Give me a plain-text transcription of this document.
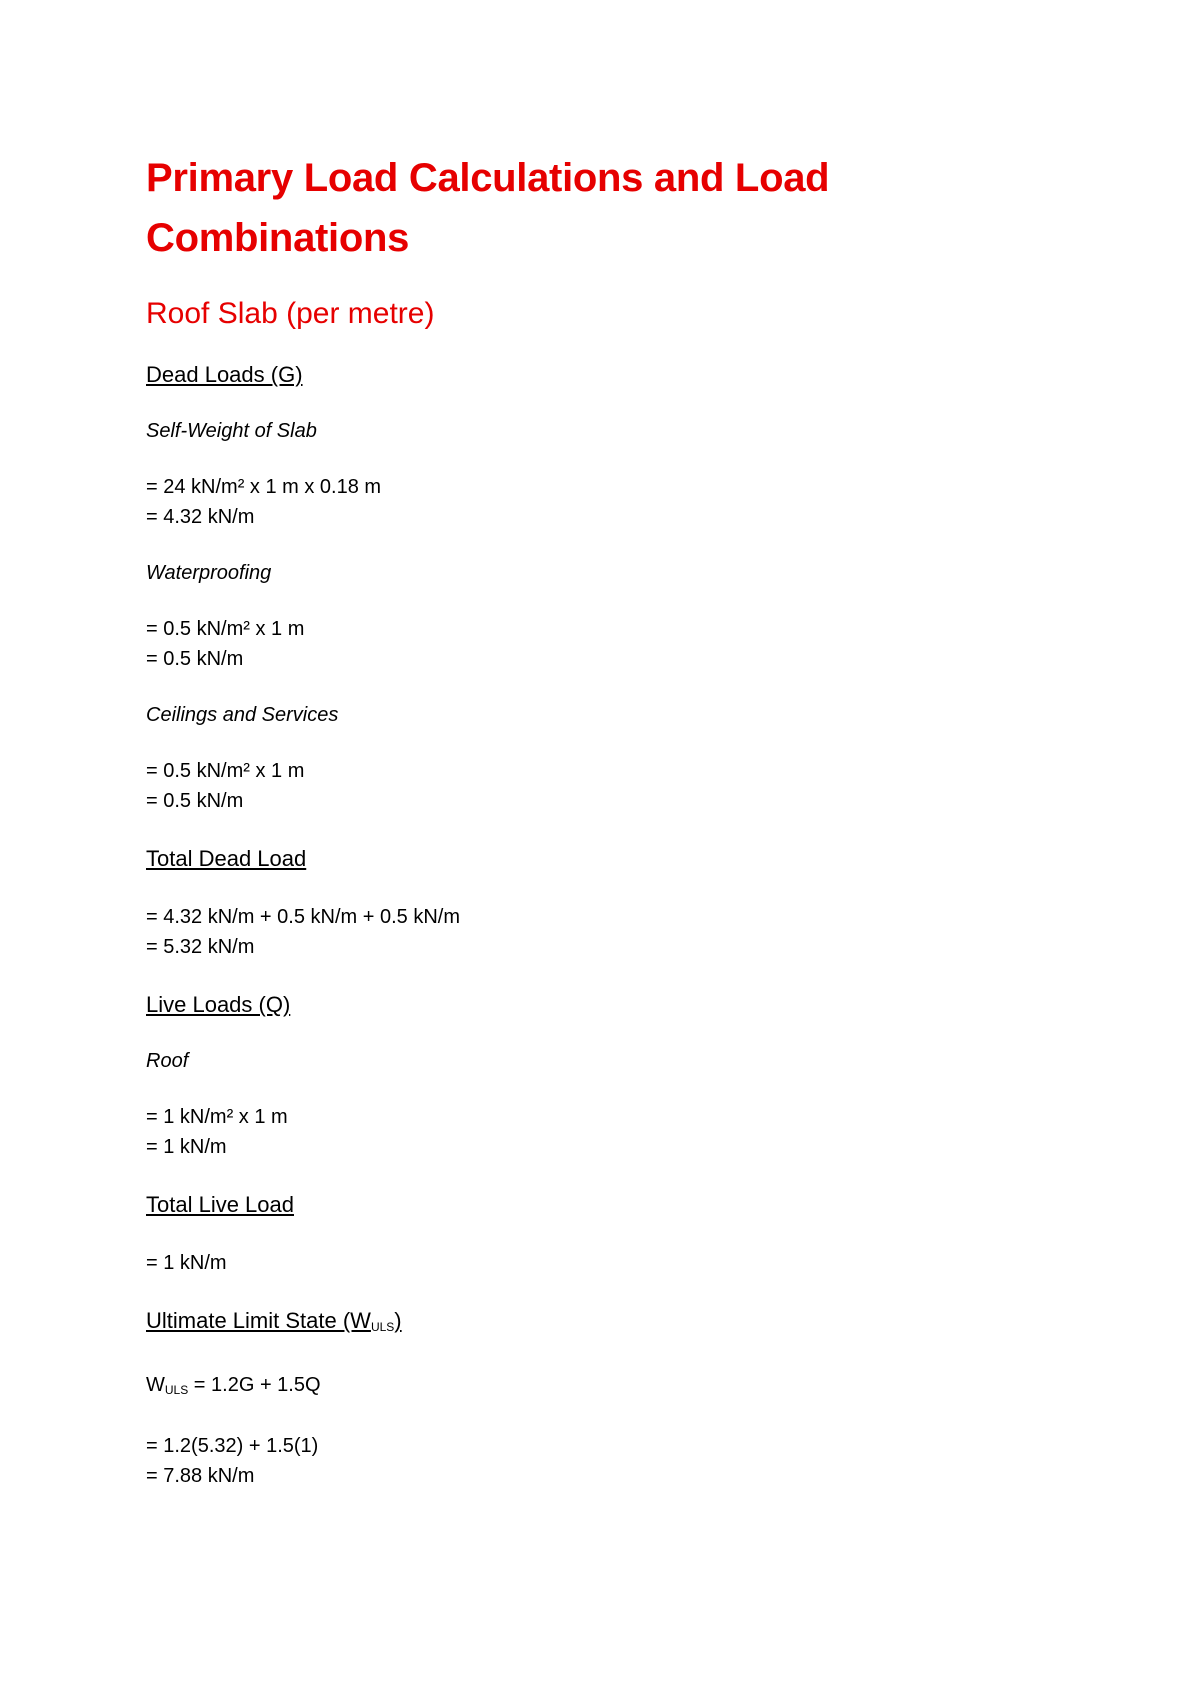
Primary Load Calculations and Load
Combinations
Roof Slab (per metre)
Dead Loads (G)
Self-Weight of Slab
= 24 kN/m² x 1 m x 0.18 m
= 4.32 kN/m
Waterproofing
= 0.5 kN/m² x 1 m
= 0.5 kN/m
Ceilings and Services
= 0.5 kN/m² x 1 m
= 0.5 kN/m
Total Dead Load
= 4.32 kN/m + 0.5 kN/m + 0.5 kN/m
= 5.32 kN/m
Live Loads (Q)
Roof
= 1 kN/m² x 1 m
= 1 kN/m
Total Live Load
= 1 kN/m
Ultimate Limit State (WULS)
WULS = 1.2G + 1.5Q
= 1.2(5.32) + 1.5(1)
= 7.88 kN/m
